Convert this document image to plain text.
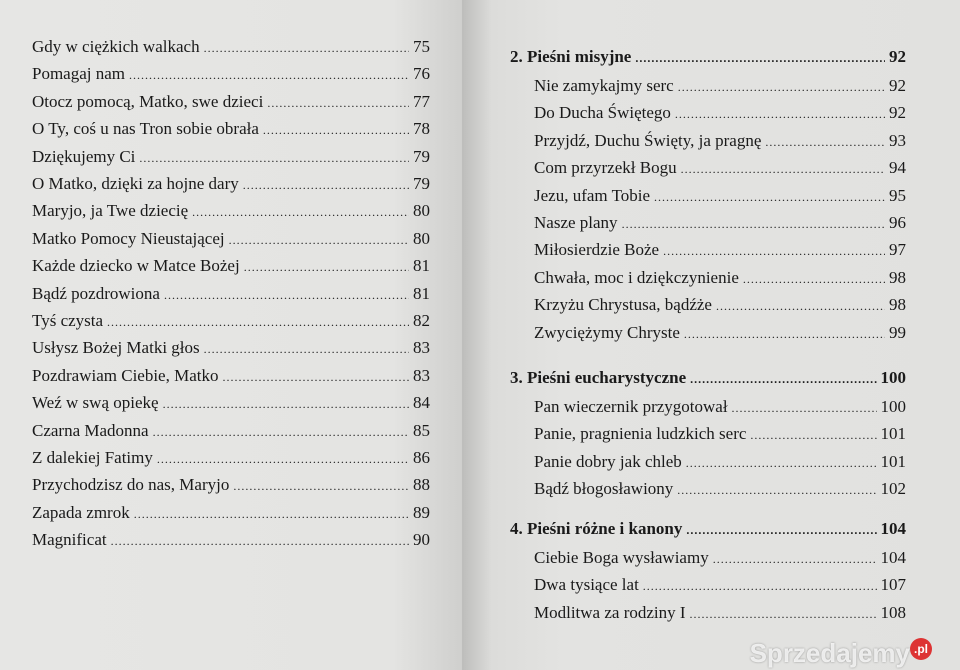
Gdy w ciężkich walkach .....	75
Pomagaj nam .....	76
Otocz pomocą, Matko, swe dzieci .....	77
O Ty, coś u nas Tron sobie obrała .....	78
Dziękujemy Ci .....	79
O Matko, dzięki za hojne dary .....	79
Maryjo, ja Twe dziecię .....	80
Matko Pomocy Nieustającej .....	80
Każde dziecko w Matce Bożej .....	81
Bądź pozdrowiona .....	81
Tyś czysta .....	82
Usłysz Bożej Matki głos .....	83
Pozdrawiam Ciebie, Matko .....	83
Weź w swą opiekę .....	84
Czarna Madonna .....	85
Z dalekiej Fatimy .....	86
Przychodzisz do nas, Maryjo .....	88
Zapada zmrok .....	89
Magnificat .....	90
2. Pieśni misyjne .....	92
Nie zamykajmy serc .....	92
Do Ducha Świętego .....	92
Przyjdź, Duchu Święty, ja pragnę .....	93
Com przyrzekł Bogu .....	94
Jezu, ufam Tobie .....	95
Nasze plany .....	96
Miłosierdzie Boże .....	97
Chwała, moc i dziękczynienie .....	98
Krzyżu Chrystusa, bądźże .....	98
Zwyciężymy Chryste .....	99
3. Pieśni eucharystyczne .....	100
Pan wieczernik przygotował .....	100
Panie, pragnienia ludzkich serc .....	101
Panie dobry jak chleb .....	101
Bądź błogosławiony .....	102
4. Pieśni różne i kanony .....	104
Ciebie Boga wysławiamy .....	104
Dwa tysiące lat .....	107
Modlitwa za rodziny I .....	108
Sprzedajemy .pl
